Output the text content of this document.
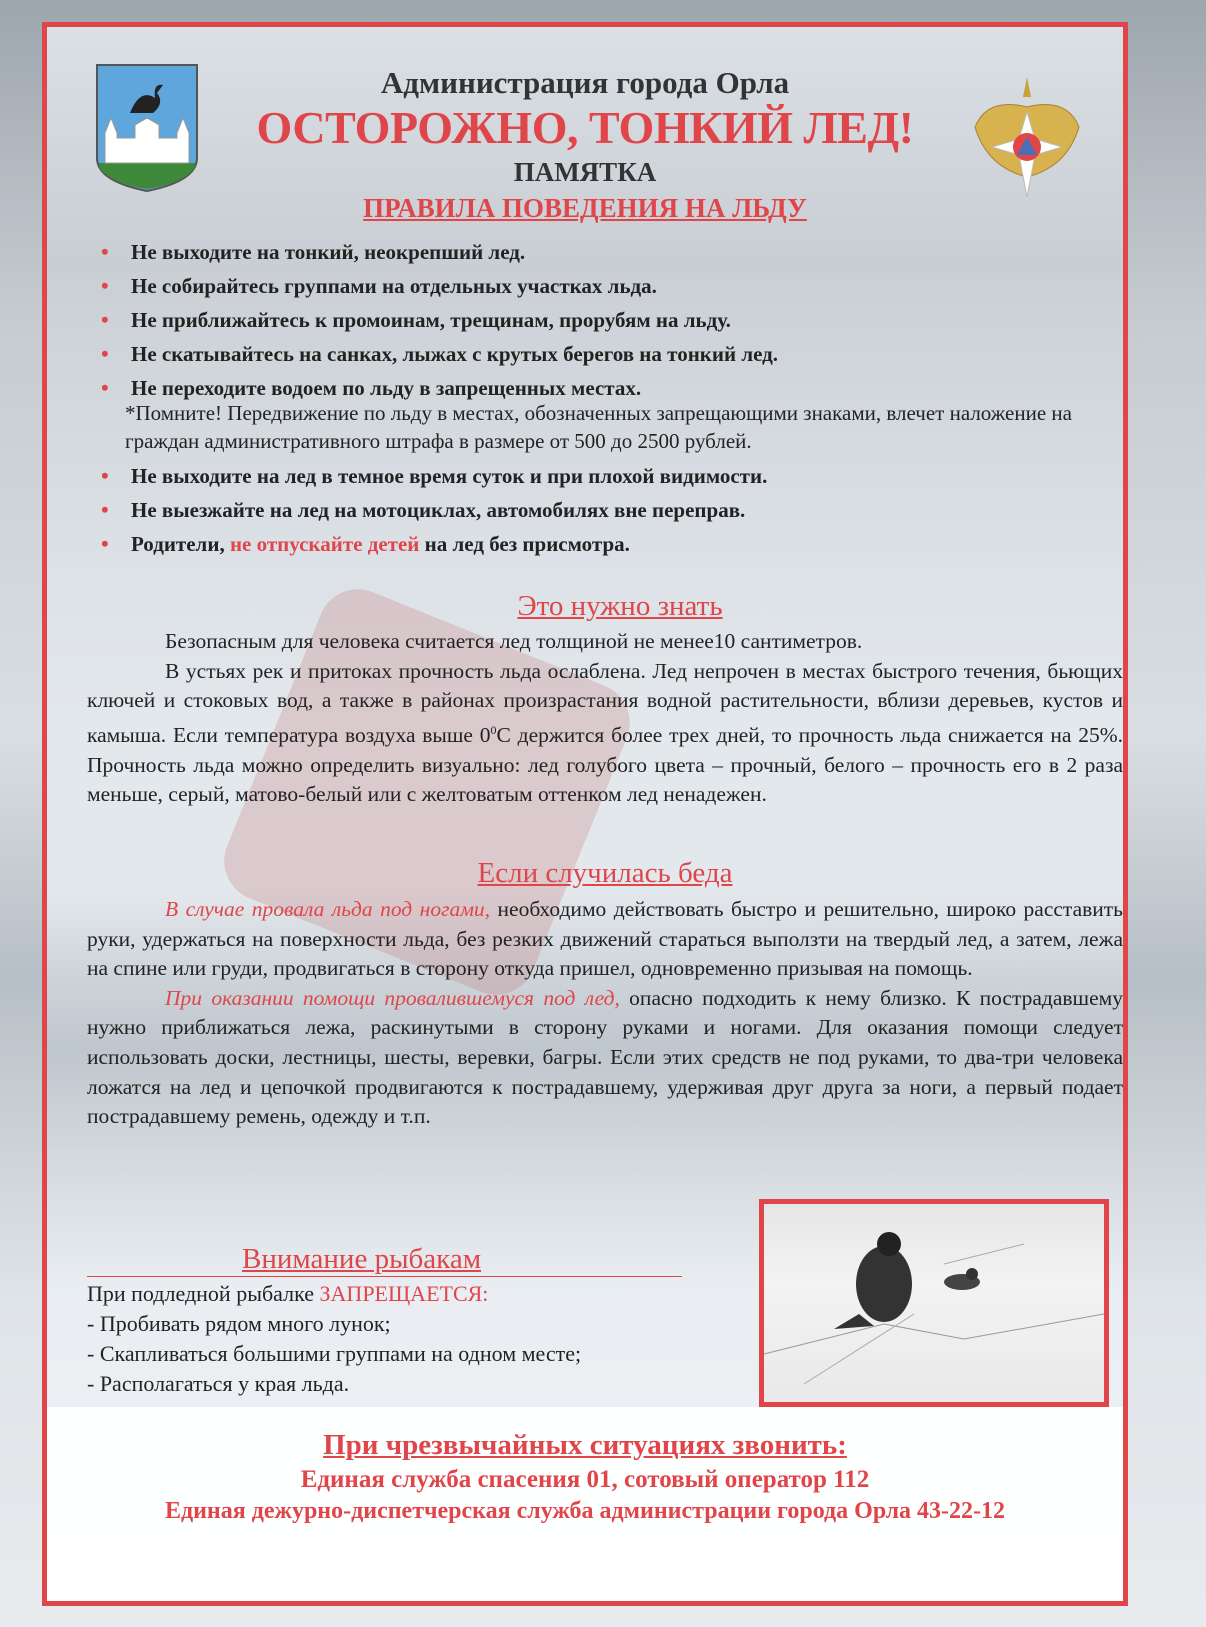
Администрация города Орла
ОСТОРОЖНО, ТОНКИЙ ЛЕД!
ПАМЯТКА
ПРАВИЛА ПОВЕДЕНИЯ НА ЛЬДУ
• Не выходите на тонкий, неокрепший лед.
• Не собирайтесь группами на отдельных участках льда.
• Не приближайтесь к промоинам, трещинам, прорубям на льду.
• Не скатывайтесь на санках, лыжах с крутых берегов на тонкий лед.
• Не переходите водоем по льду в запрещенных местах.
*Помните! Передвижение по льду в местах, обозначенных запрещающими знаками, влечет наложение на граждан административного штрафа в размере от 500 до 2500 рублей.
• Не выходите на лед в темное время суток и при плохой видимости.
• Не выезжайте на лед на мотоциклах, автомобилях вне переправ.
• Родители, не отпускайте детей на лед без присмотра.
Это нужно знать
Безопасным для человека считается лед толщиной не менее10 сантиметров.
В устьях рек и притоках прочность льда ослаблена. Лед непрочен в местах быстрого течения, бьющих ключей и стоковых вод, а также в районах произрастания водной растительности, вблизи деревьев, кустов и камыша. Если температура воздуха выше $0^0С$ держится более трех дней, то прочность льда снижается на 25%. Прочность льда можно определить визуально: лед голубого цвета – прочный, белого – прочность его в 2 раза меньше, серый, матово-белый или с желтоватым оттенком лед ненадежен.
Если случилась беда
В случае провала льда под ногами, необходимо действовать быстро и решительно, широко расставить руки, удержаться на поверхности льда, без резких движений стараться выползти на твердый лед, а затем, лежа на спине или груди, продвигаться в сторону откуда пришел, одновременно призывая на помощь.
При оказании помощи провалившемуся под лед, опасно подходить к нему близко. К пострадавшему нужно приближаться лежа, раскинутыми в сторону руками и ногами. Для оказания помощи следует использовать доски, лестницы, шесты, веревки, багры. Если этих средств не под руками, то два-три человека ложатся на лед и цепочкой продвигаются к пострадавшему, удерживая друг друга за ноги, а первый подает пострадавшему ремень, одежду и т.п.
Внимание рыбакам
При подледной рыбалке ЗАПРЕЩАЕТСЯ:
- Пробивать рядом много лунок;
- Скапливаться большими группами на одном месте;
- Располагаться у края льда.
При чрезвычайных ситуациях звонить:
Единая служба спасения 01, сотовый оператор 112
Единая дежурно-диспетчерская служба администрации города Орла 43-22-12
